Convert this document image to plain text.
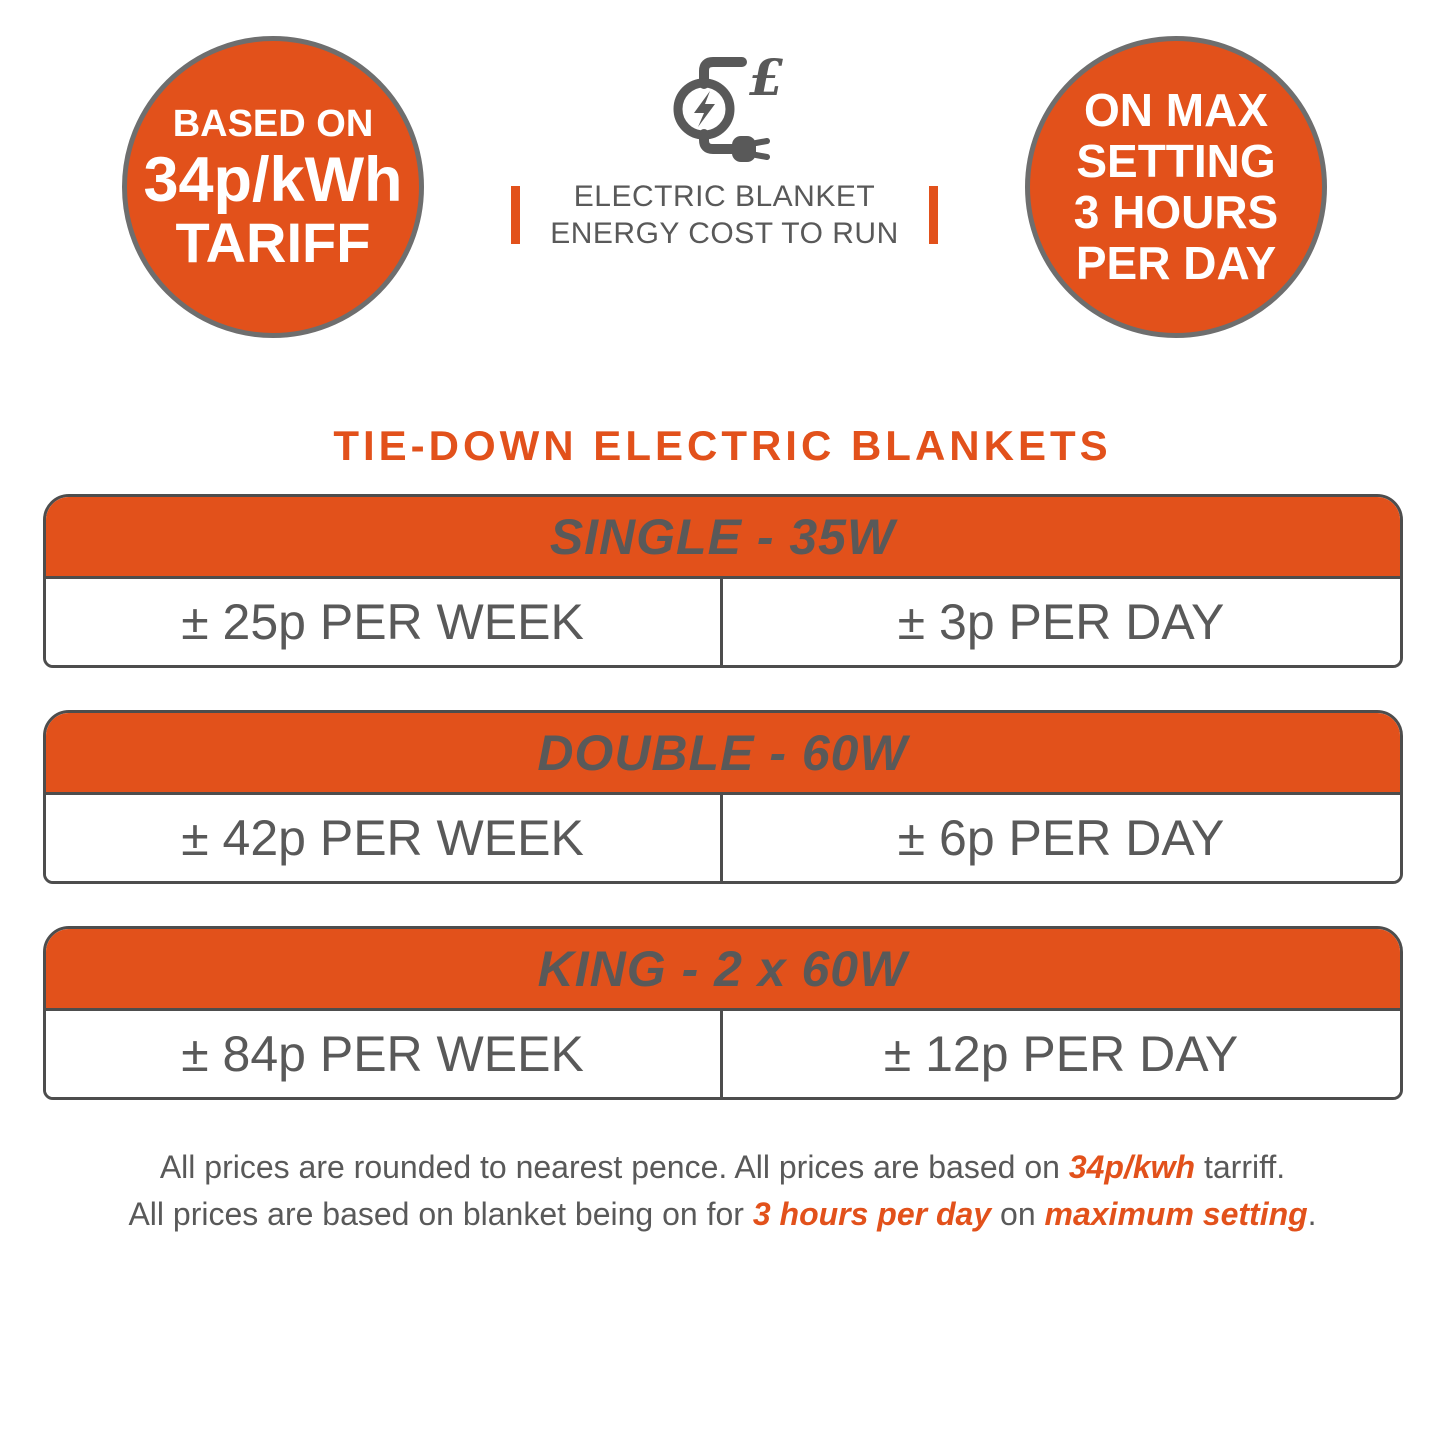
BASED ON
34p/kWh
TARIFF
£
ELECTRIC BLANKET
ENERGY COST TO RUN
ON MAX
SETTING
3 HOURS
PER DAY
TIE-DOWN ELECTRIC BLANKETS
SINGLE - 35W
± 25p PER WEEK	± 3p PER DAY
DOUBLE - 60W
± 42p PER WEEK	± 6p PER DAY
KING - 2 x 60W
± 84p PER WEEK	± 12p PER DAY
All prices are rounded to nearest pence. All prices are based on 34p/kwh tarriff.
All prices are based on blanket being on for 3 hours per day on maximum setting.
